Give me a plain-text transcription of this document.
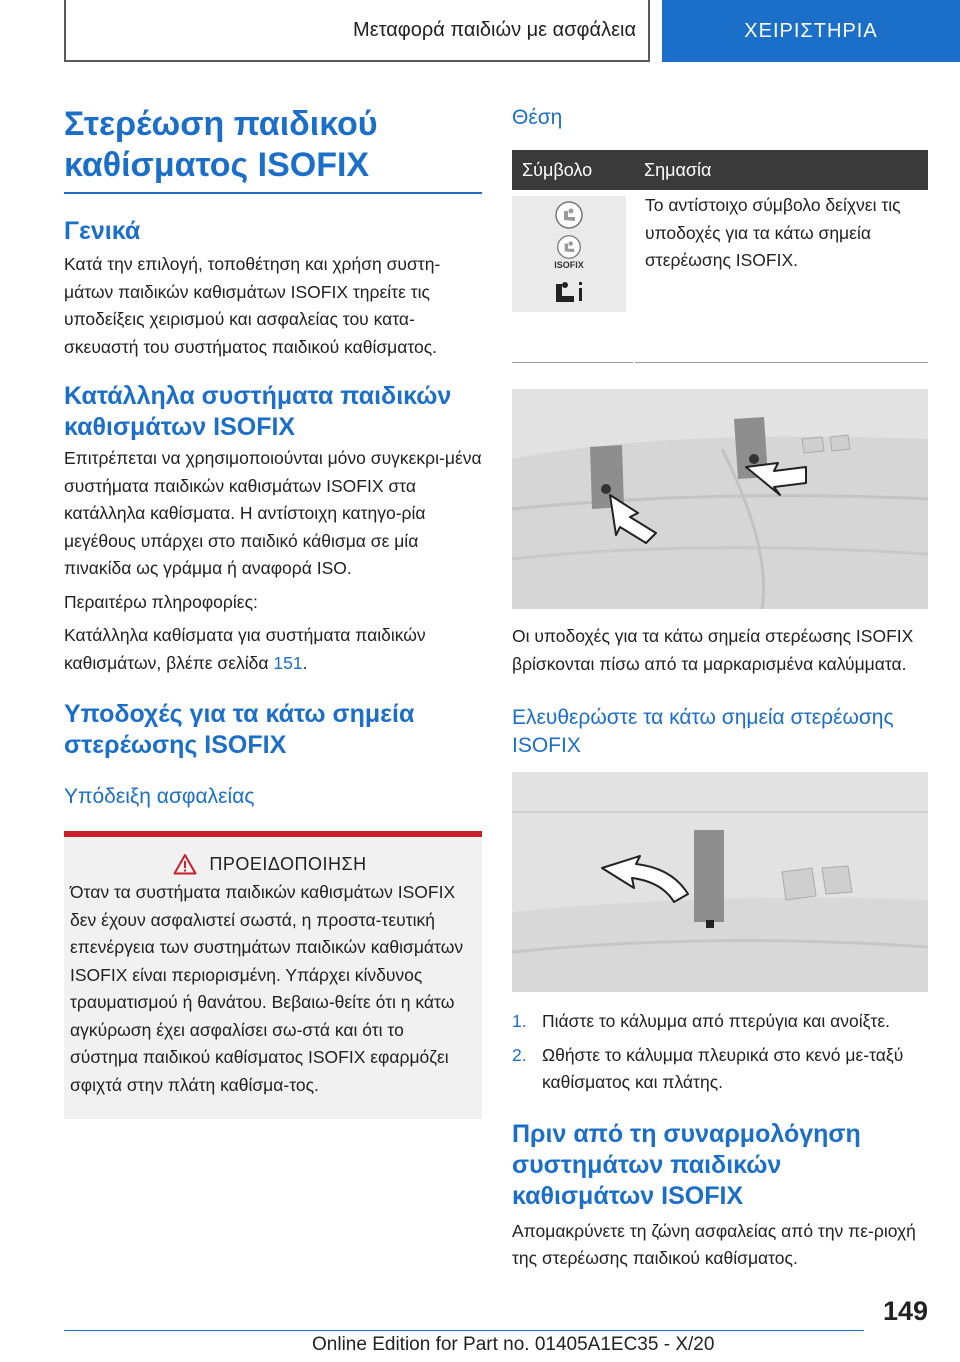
Μεταφορά παιδιών με ασφάλεια	ΧΕΙΡΙΣΤΗΡΙΑ
Στερέωση παιδικού καθίσματος ISOFIX
Γενικά

Κατά την επιλογή, τοποθέτηση και χρήση συστη-μάτων παιδικών καθισμάτων ISOFIX τηρείτε τις υποδείξεις χειρισμού και ασφαλείας του κατα-σκευαστή του συστήματος παιδικού καθίσματος.

Κατάλληλα συστήματα παιδικών καθισμάτων ISOFIX

Επιτρέπεται να χρησιμοποιούνται μόνο συγκεκρι-μένα συστήματα παιδικών καθισμάτων ISOFIX στα κατάλληλα καθίσματα. Η αντίστοιχη κατηγο-ρία μεγέθους υπάρχει στο παιδικό κάθισμα σε μία πινακίδα ως γράμμα ή αναφορά ISO.

Περαιτέρω πληροφορίες:

Κατάλληλα καθίσματα για συστήματα παιδικών καθισμάτων, βλέπε σελίδα 151.

Υποδοχές για τα κάτω σημεία στερέωσης ISOFIX
Υπόδειξη ασφαλείας
ΠΡΟΕΙΔΟΠΟΙΗΣΗ

Όταν τα συστήματα παιδικών καθισμάτων ISOFIX δεν έχουν ασφαλιστεί σωστά, η προστα-τευτική επενέργεια των συστημάτων παιδικών καθισμάτων ISOFIX είναι περιορισμένη. Υπάρχει κίνδυνος τραυματισμού ή θανάτου. Βεβαιω-θείτε ότι η κάτω αγκύρωση έχει ασφαλίσει σω-στά και ότι το σύστημα παιδικού καθίσματος ISOFIX εφαρμόζει σφιχτά στην πλάτη καθίσμα-τος.

Θέση
Σύμβολο	Σημασία

ISOFIX	Το αντίστοιχο σύμβολο δείχνει τις υποδοχές για τα κάτω σημεία στερέωσης ISOFIX.

Οι υποδοχές για τα κάτω σημεία στερέωσης ISOFIX βρίσκονται πίσω από τα μαρκαρισμένα καλύμματα.

Ελευθερώστε τα κάτω σημεία στερέωσης ISOFIX
1. Πιάστε το κάλυμμα από πτερύγια και ανοίξτε.
2. Ωθήστε το κάλυμμα πλευρικά στο κενό με-ταξύ καθίσματος και πλάτης.
Πριν από τη συναρμολόγηση συστημάτων παιδικών καθισμάτων ISOFIX

Απομακρύνετε τη ζώνη ασφαλείας από την πε-ριοχή της στερέωσης παιδικού καθίσματος.

149
Online Edition for Part no. 01405A1EC35 - X/20
